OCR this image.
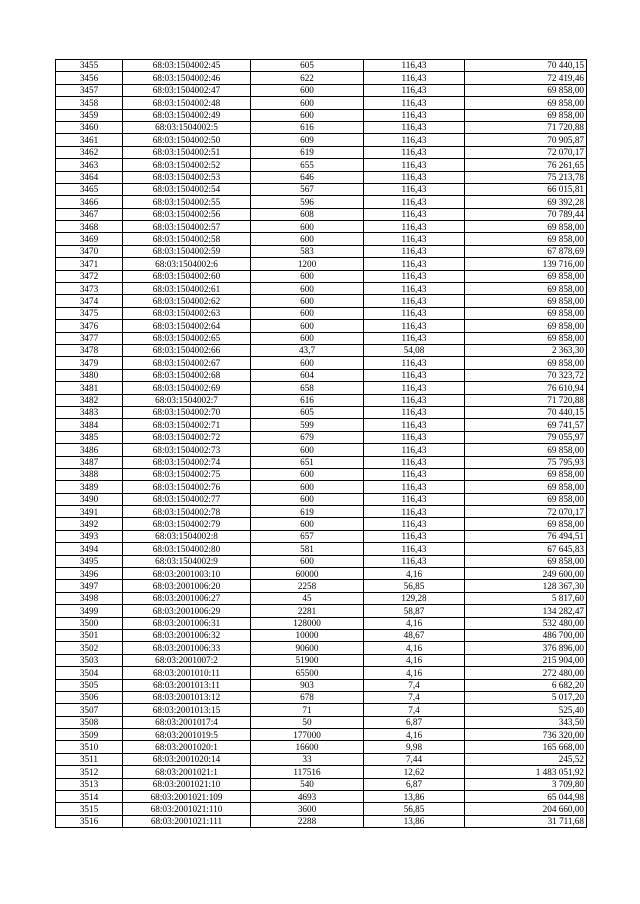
3455	68:03:1504002:45	605	116,43	70 440,15
3456	68:03:1504002:46	622	116,43	72 419,46
3457	68:03:1504002:47	600	116,43	69 858,00
3458	68:03:1504002:48	600	116,43	69 858,00
3459	68:03:1504002:49	600	116,43	69 858,00
3460	68:03:1504002:5	616	116,43	71 720,88
3461	68:03:1504002:50	609	116,43	70 905,87
3462	68:03:1504002:51	619	116,43	72 070,17
3463	68:03:1504002:52	655	116,43	76 261,65
3464	68:03:1504002:53	646	116,43	75 213,78
3465	68:03:1504002:54	567	116,43	66 015,81
3466	68:03:1504002:55	596	116,43	69 392,28
3467	68:03:1504002:56	608	116,43	70 789,44
3468	68:03:1504002:57	600	116,43	69 858,00
3469	68:03:1504002:58	600	116,43	69 858,00
3470	68:03:1504002:59	583	116,43	67 878,69
3471	68:03:1504002:6	1200	116,43	139 716,00
3472	68:03:1504002:60	600	116,43	69 858,00
3473	68:03:1504002:61	600	116,43	69 858,00
3474	68:03:1504002:62	600	116,43	69 858,00
3475	68:03:1504002:63	600	116,43	69 858,00
3476	68:03:1504002:64	600	116,43	69 858,00
3477	68:03:1504002:65	600	116,43	69 858,00
3478	68:03:1504002:66	43,7	54,08	2 363,30
3479	68:03:1504002:67	600	116,43	69 858,00
3480	68:03:1504002:68	604	116,43	70 323,72
3481	68:03:1504002:69	658	116,43	76 610,94
3482	68:03:1504002:7	616	116,43	71 720,88
3483	68:03:1504002:70	605	116,43	70 440,15
3484	68:03:1504002:71	599	116,43	69 741,57
3485	68:03:1504002:72	679	116,43	79 055,97
3486	68:03:1504002:73	600	116,43	69 858,00
3487	68:03:1504002:74	651	116,43	75 795,93
3488	68:03:1504002:75	600	116,43	69 858,00
3489	68:03:1504002:76	600	116,43	69 858,00
3490	68:03:1504002:77	600	116,43	69 858,00
3491	68:03:1504002:78	619	116,43	72 070,17
3492	68:03:1504002:79	600	116,43	69 858,00
3493	68:03:1504002:8	657	116,43	76 494,51
3494	68:03:1504002:80	581	116,43	67 645,83
3495	68:03:1504002:9	600	116,43	69 858,00
3496	68:03:2001003:10	60000	4,16	249 600,00
3497	68:03:2001006:20	2258	56,85	128 367,30
3498	68:03:2001006:27	45	129,28	5 817,60
3499	68:03:2001006:29	2281	58,87	134 282,47
3500	68:03:2001006:31	128000	4,16	532 480,00
3501	68:03:2001006:32	10000	48,67	486 700,00
3502	68:03:2001006:33	90600	4,16	376 896,00
3503	68:03:2001007:2	51900	4,16	215 904,00
3504	68:03:2001010:11	65500	4,16	272 480,00
3505	68:03:2001013:11	903	7,4	6 682,20
3506	68:03:2001013:12	678	7,4	5 017,20
3507	68:03:2001013:15	71	7,4	525,40
3508	68:03:2001017:4	50	6,87	343,50
3509	68:03:2001019:5	177000	4,16	736 320,00
3510	68:03:2001020:1	16600	9,98	165 668,00
3511	68:03:2001020:14	33	7,44	245,52
3512	68:03:2001021:1	117516	12,62	1 483 051,92
3513	68:03:2001021:10	540	6,87	3 709,80
3514	68:03:2001021:109	4693	13,86	65 044,98
3515	68:03:2001021:110	3600	56,85	204 660,00
3516	68:03:2001021:111	2288	13,86	31 711,68
